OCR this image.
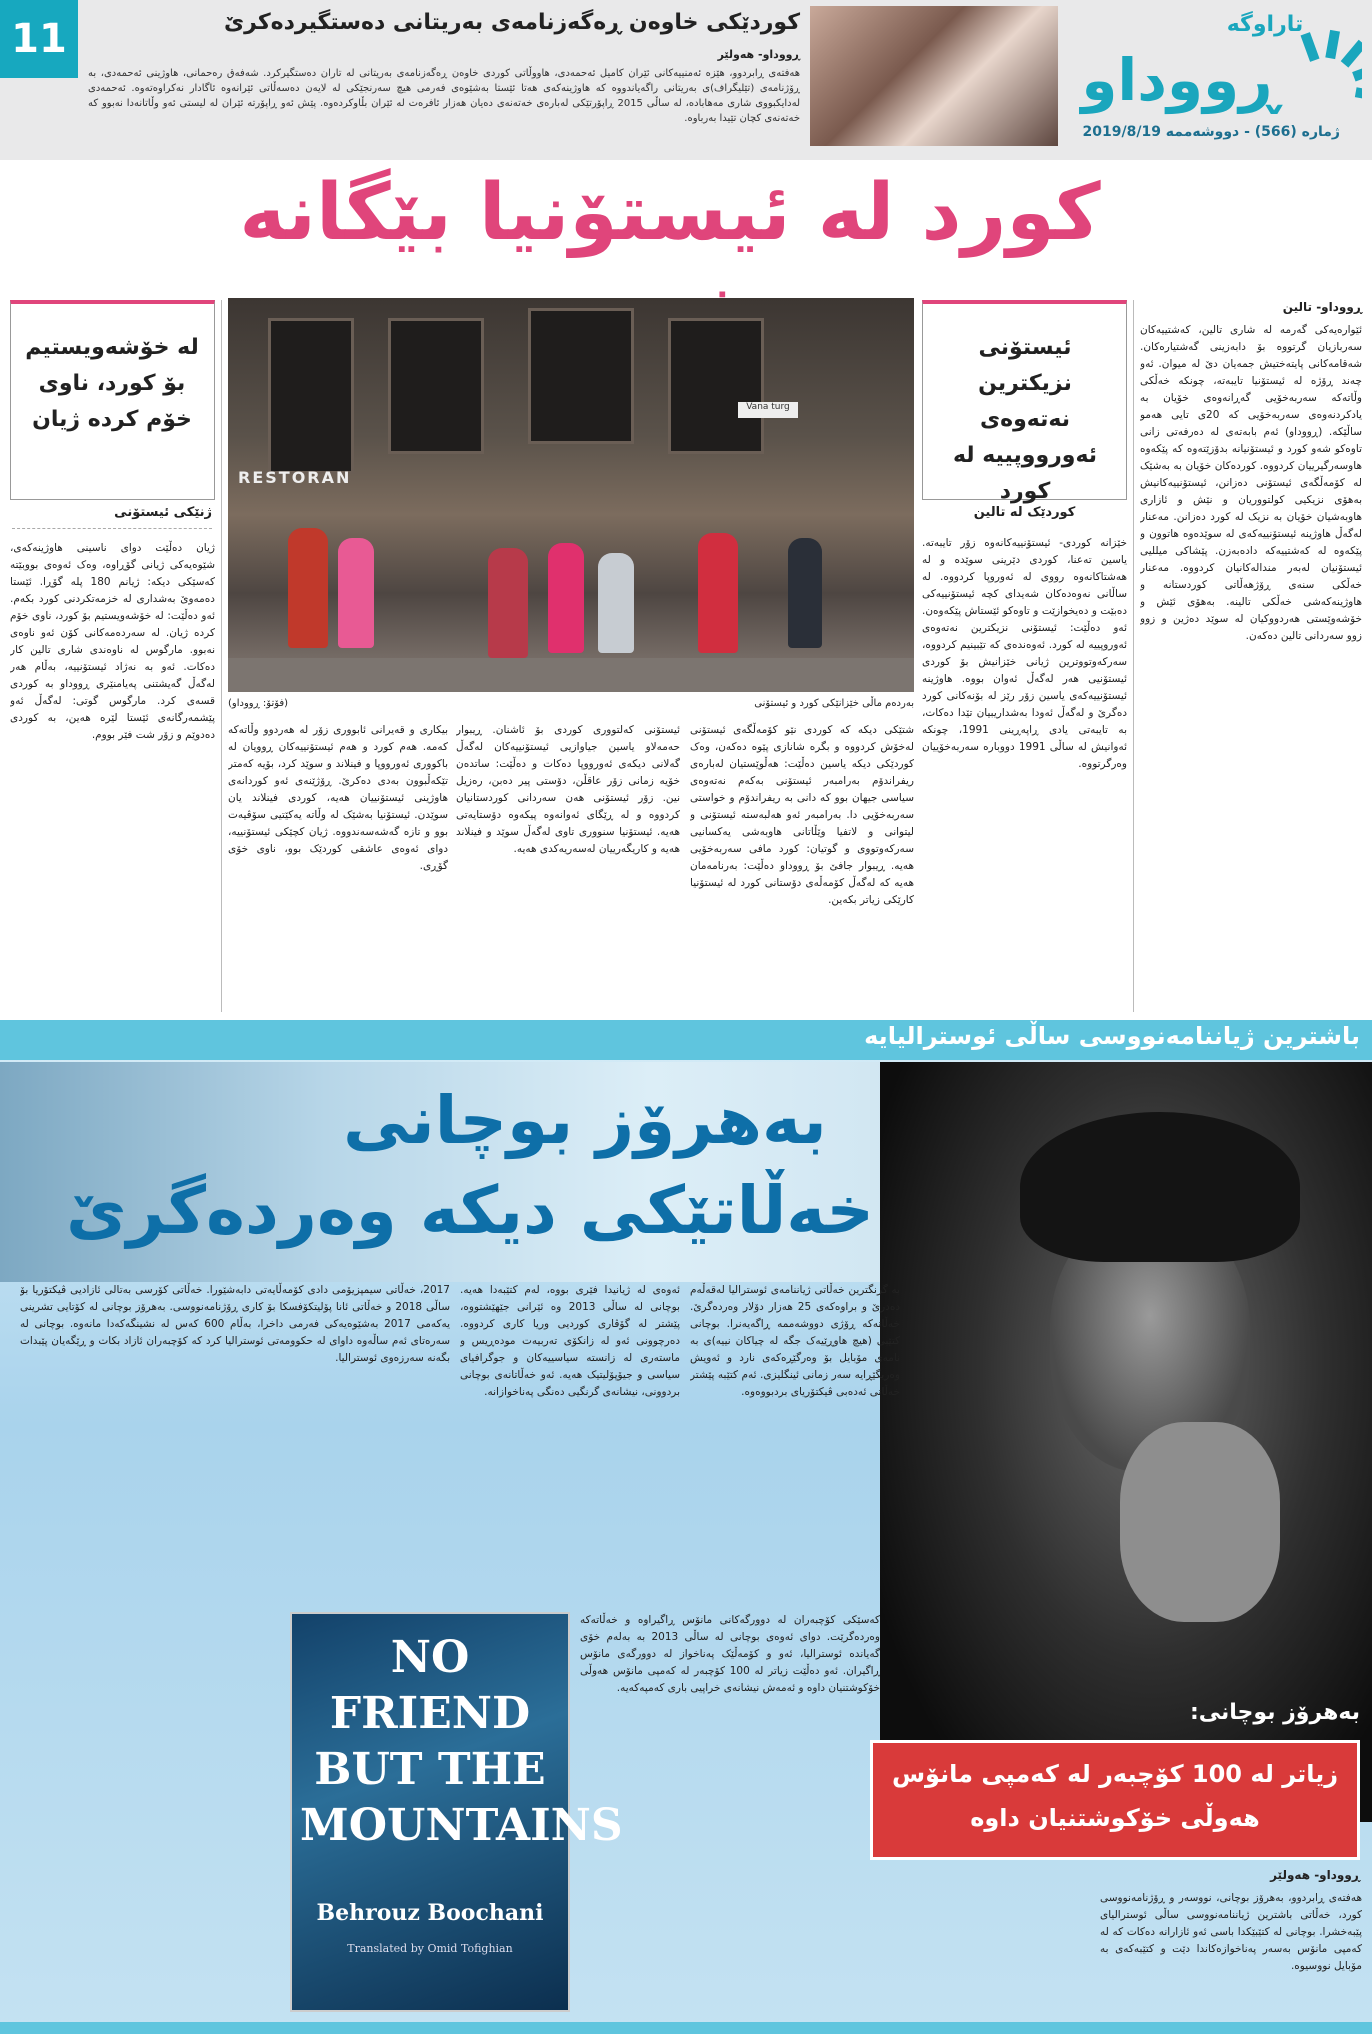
11	تاراوگە
ڕووداو
ژمارە (566) - دووشەممە 2019/8/19
کوردێکی خاوەن ڕەگەزنامەی بەریتانی دەستگیردەکرێ
ڕووداو- هەولێر
هەفتەی ڕابردوو، هێزە ئەمنییەکانی ئێران کامیل ئەحمەدی، هاووڵاتی کوردی خاوەن ڕەگەزنامەی بەریتانی لە تاران دەستگیرکرد. شەفەق رەحمانی، هاوژینی ئەحمەدی، بە ڕۆژنامەی (تێلیگراف)ی بەریتانی راگەیاندووە کە هاوژینەکەی هەتا ئێستا بەشێوەی فەرمی هیچ سەرنجێکی لە لایەن دەسەڵاتی ئێرانەوە ئاگادار نەکراوەتەوە. ئەحمەدی لەدایکبووی شاری مەهابادە، لە ساڵی 2015 ڕاپۆرتێکی لەبارەی خەتەنەی دەیان هەزار ئافرەت لە ئێران بڵاوکردەوە. پێش ئەو ڕاپۆرتە ئێران لە لیستی ئەو وڵاتانەدا نەبوو کە خەتەنەی کچان تێیدا بەرباوە.
کورد لە ئیستۆنیا بێگانە
لە خۆشەویستیم بۆ کورد، ناوی خۆم کردە ژیان
ژنێکی ئیستۆنی
ئیستۆنی نزیکترین نەتەوەی ئەورووپییە لە کورد
کوردێک لە تالین
ڕووداو- تالین
RESTORAN
Vana turg
بەردەم ماڵی خێزانێکی کورد و ئیستۆنی
(فۆتۆ: ڕووداو)
ئێوارەیەکی گەرمە لە شاری تالین، کەشتییەکان سەربازیان گرتووە بۆ دابەزینی گەشتیارەکان. شەقامەکانی پایتەختیش جمەیان دێ لە میوان. ئەو چەند ڕۆژە لە ئیستۆنیا تایبەتە، چونکە خەڵکی وڵاتەکە سەربەخۆیی گەڕانەوەی خۆیان بە یادکردنەوەی سەربەخۆیی کە 20ی تایی هەمو ساڵێکە. (ڕووداو) ئەم بابەتەی لە دەرفەتی زانی تاوەکو شەو کورد و ئیستۆنیانە بدۆزێتەوە کە پێکەوە هاوسەرگیرییان کردووە. کوردەکان خۆیان بە بەشێک لە کۆمەڵگەی ئیستۆنی دەزانن، ئیستۆنییەکانیش بەهۆی نزیکیی کولتووریان و نێش و ئازاری هاوبەشیان خۆیان بە نزیک لە کورد دەزانن. مەعنار لەگەڵ هاوژینە ئیستۆنییەکەی لە سوێدەوە هاتوون و پێکەوە لە کەشتییەکە دادەبەزن. پێشاکی میللیی ئیستۆنیان لەبەر مندالەکانیان کردووە. مەعنار خەڵکی سنەی ڕۆژهەڵاتی کوردستانە و هاوژینەکەشی خەڵکی تالینە. بەهۆی ئێش و خۆشەوێستی هەردووکیان لە سوێد دەژین و زوو زوو سەردانی تالین دەکەن.
خێزانە کوردی- ئیستۆنییەکانەوە زۆر تایبەتە. یاسین تەعنا، کوردی دێرینی سوێدە و لە هەشتاکانەوە رووی لە ئەوروپا کردووە. لە ساڵانی نەوەدەکان شەیدای کچە ئیستۆنییەکی دەبێت و دەیخوازێت و تاوەکو ئێستاش پێکەوەن. ئەو دەڵێت: ئیستۆنی نزیکترین نەتەوەی ئەوروپییە لە کورد. ئەوەندەی کە تێبینیم کردووە، سەرکەوتووترین ژیانی خێزانیش بۆ کوردی ئیستۆنیی هەر لەگەڵ ئەوان بووە. هاوژینە ئیستۆنییەکەی یاسین زۆر رێز لە بۆنەکانی کورد دەگرێ و لەگەڵ ئەودا بەشداریبیان تێدا دەکات، بە تایبەتی یادی ڕاپەڕینی 1991، چونکە ئەوانیش لە ساڵی 1991 دووبارە سەربەخۆییان وەرگرتووە.
شتێکی دیکە کە کوردی نێو کۆمەڵگەی ئیستۆنی لەخۆش کردووە و بگرە شانازی پێوە دەکەن، وەک کوردێکی دیکە یاسین دەڵێت: هەڵوێستیان لەبارەی ریفراندۆم بەرامبەر ئیستۆنی بەکەم نەتەوەی سیاسی جیهان بوو کە دانی بە ریفراندۆم و خواستی سەربەخۆیی دا. بەرامبەر ئەو هەلبەستە ئیستۆنی و لیتوانی و لاتفیا وێڵاتانی هاوبەشی یەکسانیی سەرکەوتووی و گوتیان: کورد مافی سەربەخۆیی هەیە. ڕیبوار جافێ بۆ ڕووداو دەڵێت: بەرنامەمان هەیە کە لەگەڵ کۆمەڵەی دۆستانی کورد لە ئیستۆنیا کارێکی زیاتر بکەین.
ئیستۆنی کەلتووری کوردی بۆ ئاشنان. ڕیبوار حەمەلاو یاسین جیاوازیی ئیستۆنییەکان لەگەڵ گەلانی دیکەی ئەورووپا دەکات و دەڵێت: ساتدەن خۆیە زمانی زۆر عاقڵن، دۆستی پیر دەبن، رەزیل نین. زۆر ئیستۆنی هەن سەردانی کوردستانیان کردووە و لە ڕێگای ئەوانەوە پیکەوە دۆستایەتی هەیە. ئیستۆنیا سنووری تاوی لەگەڵ سوێد و فینلاند هەیە و کاریگەرییان لەسەریەکدی هەیە.
بیکاری و قەیرانی ئابووری زۆر لە هەردوو وڵاتەکە کەمە. هەم کورد و هەم ئیستۆنییەکان ڕوویان لە باکووری ئەورووپا و فینلاند و سوێد کرد، بۆیە کەمتر تێکەڵبوون بەدی دەکرێ. ڕۆژێنەی ئەو کوردانەی هاوژینی ئیستۆنییان هەیە، کوردی فینلاند یان سوێدن. ئیستۆنیا بەشێک لە وڵاتە یەکێتیی سۆڤیەت بوو و تازە گەشەسەندووە. ژیان کچێکی ئیستۆنییە، دوای ئەوەی عاشقی کوردێک بوو، ناوی خۆی گۆڕی.
ژیان دەڵێت دوای ناسینی هاوژینەکەی، شێوەیەکی ژیانی گۆڕاوە، وەک ئەوەی بووبێتە کەسێکی دیکە: ژیانم 180 پلە گۆڕا. ئێستا دەمەوێ بەشداری لە خزمەتکردنی کورد بکەم. ئەو دەڵێت: لە خۆشەویستیم بۆ کورد، ناوی خۆم کردە ژیان. لە سەردەمەکانی کۆن ئەو ناوەی نەبوو. مارگوس لە ناوەندی شاری تالین کار دەکات. ئەو بە نەژاد ئیستۆنییە، بەڵام هەر لەگەڵ گەیشتنی پەیامنێری ڕووداو بە کوردی قسەی کرد. مارگوس گوتی: لەگەڵ ئەو پێشمەرگانەی ئێستا لێرە هەین، بە کوردی دەدوێم و زۆر شت فێر بووم.
باشترین ژیاننامەنووسی ساڵی ئوسترالیایە
بەهرۆز بوچانی
خەڵاتێکی دیکە وەردەگرێ
بە گرنگترین خەڵاتی ژیاننامەی ئوسترالیا لەقەڵەم دەدرێ و براوەکەی 25 هەزار دۆلار وەردەگرێ. خەڵاتەکە ڕۆژی دووشەممە ڕاگەیەنرا. بوچانی کتێبی (هیچ هاوڕێیەک جگە لە چیاکان نییە)ی بە نامەی مۆبایل بۆ وەرگێڕەکەی نارد و ئەویش وەریگێڕایە سەر زمانی ئینگلیزی. ئەم کتێبە پێشتر خەڵاتی ئەدەبی ڤیکتۆریای بردبووەوە.
ئەوەی لە ژیانیدا فێری بووە، لەم کتێبەدا هەیە. بوچانی لە ساڵی 2013 وە ئێرانی جێهێشتووە، پێشتر لە گۆڤاری کوردیی وریا کاری کردووە. دەرچوونی ئەو لە زانکۆی تەربیەت مودەڕیس و ماستەری لە زانستە سیاسییەکان و جوگرافیای سیاسی و جیۆپۆلیتیک هەیە. ئەو خەڵاتانەی بوچانی بردوونی، نیشانەی گرنگیی دەنگی پەناخوازانە.
2017، خەڵاتی سیمپزیۆمی دادی کۆمەڵایەتی دابەشێورا. خەڵاتی کۆرسی بەتالی ئازادیی ڤیکتۆریا بۆ ساڵی 2018 و خەڵاتی ئانا پۆلیتکۆفسکا بۆ کاری ڕۆژنامەنووسی. بەهرۆز بوچانی لە کۆتایی تشرینی یەکەمی 2017 بەشێوەیەکی فەرمی داخرا، بەڵام 600 کەس لە نشینگەکەدا مانەوە. بوچانی لە سەرەتای ئەم ساڵەوە داوای لە حکوومەتی ئوسترالیا کرد کە کۆچبەران ئازاد بکات و ڕێگەیان پێبدات بگەنە سەرزەوی ئوسترالیا.
کەسێکی کۆچبەران لە دوورگەکانی مانۆس ڕاگیراوە و خەڵاتەکە وەردەگرێت. دوای ئەوەی بوچانی لە ساڵی 2013 بە بەلەم خۆی گەیاندە ئوسترالیا، ئەو و کۆمەڵێک پەناخواز لە دوورگەی مانۆس ڕاگیران. ئەو دەڵێت زیاتر لە 100 کۆچبەر لە کەمپی مانۆس هەوڵی خۆکوشتنیان داوە و ئەمەش نیشانەی خراپیی باری کەمپەکەیە.
هەفتەی ڕابردوو، بەهرۆز بوچانی، نووسەر و ڕۆژنامەنووسی کورد، خەڵاتی باشترین ژیاننامەنووسی ساڵی ئوسترالیای پێبەخشرا. بوچانی لە کتێبێکدا باسی ئەو ئازارانە دەکات کە لە کەمپی مانۆس بەسەر پەناخوازەکاندا دێت و کتێبەکەی بە مۆبایل نووسیوە.
ڕووداو- هەولێر
بەهرۆز بوچانی:
زیاتر لە 100 کۆچبەر لە کەمپی مانۆس هەوڵی خۆکوشتنیان داوە
NO FRIEND BUT THE MOUNTAINS
Behrouz Boochani
Translated by Omid Tofighian
